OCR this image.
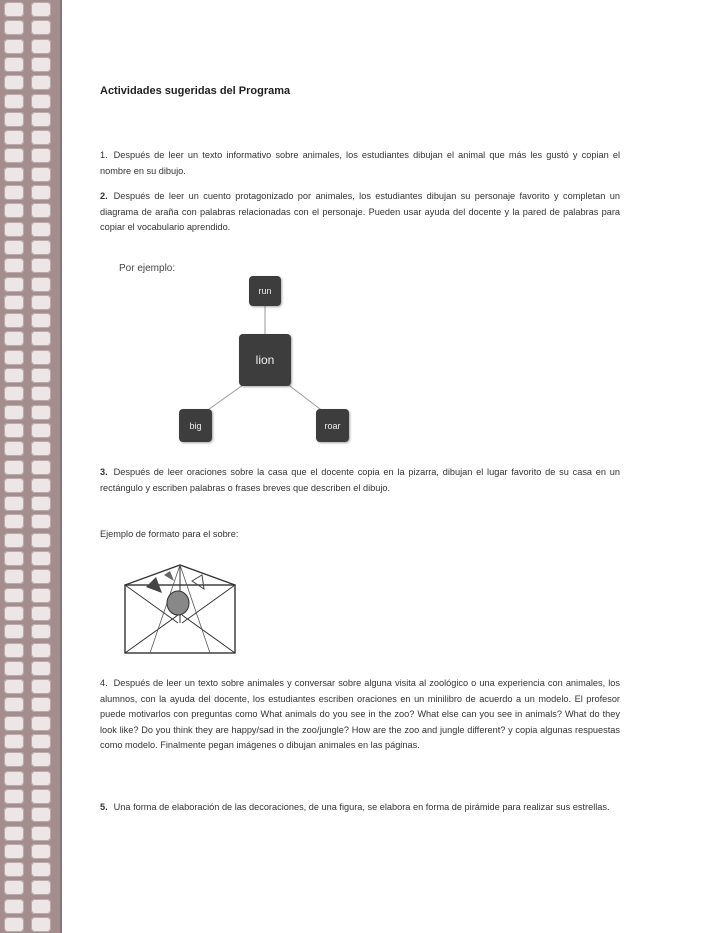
Actividades sugeridas del Programa
1. Después de leer un texto informativo sobre animales, los estudiantes dibujan el animal que más les gustó y copian el nombre en su dibujo.
2. Después de leer un cuento protagonizado por animales, los estudiantes dibujan su personaje favorito y completan un diagrama de araña con palabras relacionadas con el personaje. Pueden usar ayuda del docente y la pared de palabras para copiar el vocabulario aprendido.
Por ejemplo:
3. Después de leer oraciones sobre la casa que el docente copia en la pizarra, dibujan el lugar favorito de su casa en un rectángulo y escriben palabras o frases breves que describen el dibujo.
Ejemplo de formato para el sobre:
4. Después de leer un texto sobre animales y conversar sobre alguna visita al zoológico o una experiencia con animales, los alumnos, con la ayuda del docente, los estudiantes escriben oraciones en un minilibro de acuerdo a un modelo. El profesor puede motivarlos con preguntas como What animals do you see in the zoo? What else can you see in animals? What do they look like? Do you think they are happy/sad in the zoo/jungle? How are the zoo and jungle different? y copia algunas respuestas como modelo. Finalmente pegan imágenes o dibujan animales en las páginas.
5. Una forma de elaboración de las decoraciones, de una figura, se elabora en forma de pirámide para realizar sus estrellas.
run
lion
big	roar
